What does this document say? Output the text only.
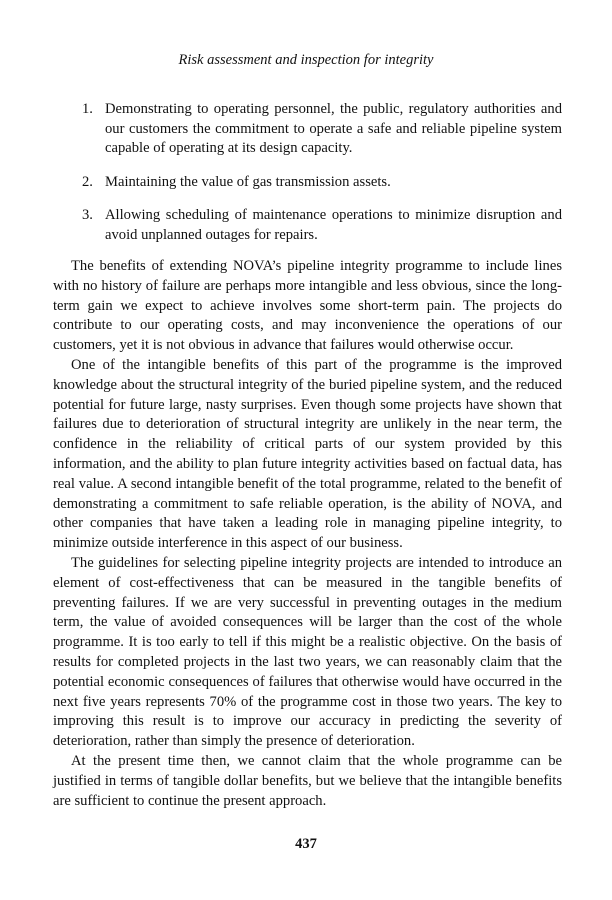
Risk assessment and inspection for integrity
1. Demonstrating to operating personnel, the public, regulatory authorities and our customers the commitment to operate a safe and reliable pipeline system capable of operating at its design capacity.
2. Maintaining the value of gas transmission assets.
3. Allowing scheduling of maintenance operations to minimize disruption and avoid unplanned outages for repairs.

The benefits of extending NOVA’s pipeline integrity programme to include lines with no history of failure are perhaps more intangible and less obvious, since the long-term gain we expect to achieve involves some short-term pain. The projects do contribute to our operating costs, and may inconvenience the operations of our customers, yet it is not obvious in advance that failures would otherwise occur.

One of the intangible benefits of this part of the programme is the improved knowledge about the structural integrity of the buried pipeline system, and the reduced potential for future large, nasty surprises. Even though some projects have shown that failures due to deterioration of structural integrity are unlikely in the near term, the confidence in the reliability of critical parts of our system provided by this information, and the ability to plan future integrity activities based on factual data, has real value. A second intangible benefit of the total programme, related to the benefit of demonstrating a commitment to safe reliable operation, is the ability of NOVA, and other companies that have taken a leading role in managing pipeline integrity, to minimize outside interference in this aspect of our business.

The guidelines for selecting pipeline integrity projects are intended to introduce an element of cost-effectiveness that can be measured in the tangible benefits of preventing failures. If we are very successful in preventing outages in the medium term, the value of avoided consequences will be larger than the cost of the whole programme. It is too early to tell if this might be a realistic objective. On the basis of results for completed projects in the last two years, we can reasonably claim that the potential economic consequences of failures that otherwise would have occurred in the next five years represents 70% of the programme cost in those two years. The key to improving this result is to improve our accuracy in predicting the severity of deterioration, rather than simply the presence of deterioration.

At the present time then, we cannot claim that the whole programme can be justified in terms of tangible dollar benefits, but we believe that the intangible benefits are sufficient to continue the present approach.

437
